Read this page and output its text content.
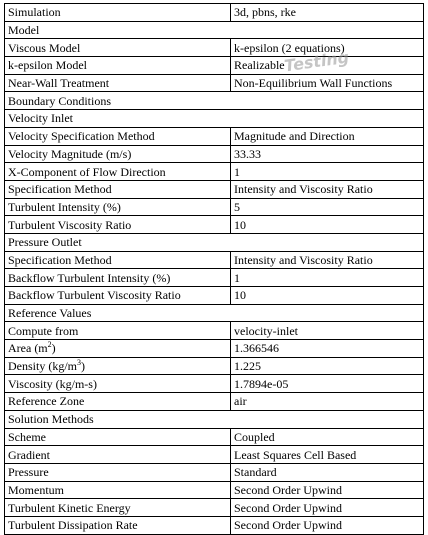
Simulation	3d, pbns, rke
Model	
Viscous Model	k-epsilon (2 equations)
k-epsilon Model	Realizable
Near-Wall Treatment	Non-Equilibrium Wall Functions
Boundary Conditions	
Velocity Inlet	
Velocity Specification Method	Magnitude and Direction
Velocity Magnitude (m/s)	33.33
X-Component of Flow Direction	1
Specification Method	Intensity and Viscosity Ratio
Turbulent Intensity (%)	5
Turbulent Viscosity Ratio	10
Pressure Outlet	
Specification Method	Intensity and Viscosity Ratio
Backflow Turbulent Intensity (%)	1
Backflow Turbulent Viscosity Ratio	10
Reference Values	
Compute from	velocity-inlet
Area $(m^2)$	1.366546
Density $(kg/m^3)$	1.225
Viscosity (kg/m-s)	1.7894e-05
Reference Zone	air
Solution Methods	
Scheme	Coupled
Gradient	Least Squares Cell Based
Pressure	Standard
Momentum	Second Order Upwind
Turbulent Kinetic Energy	Second Order Upwind
Turbulent Dissipation Rate	Second Order Upwind
Testing
